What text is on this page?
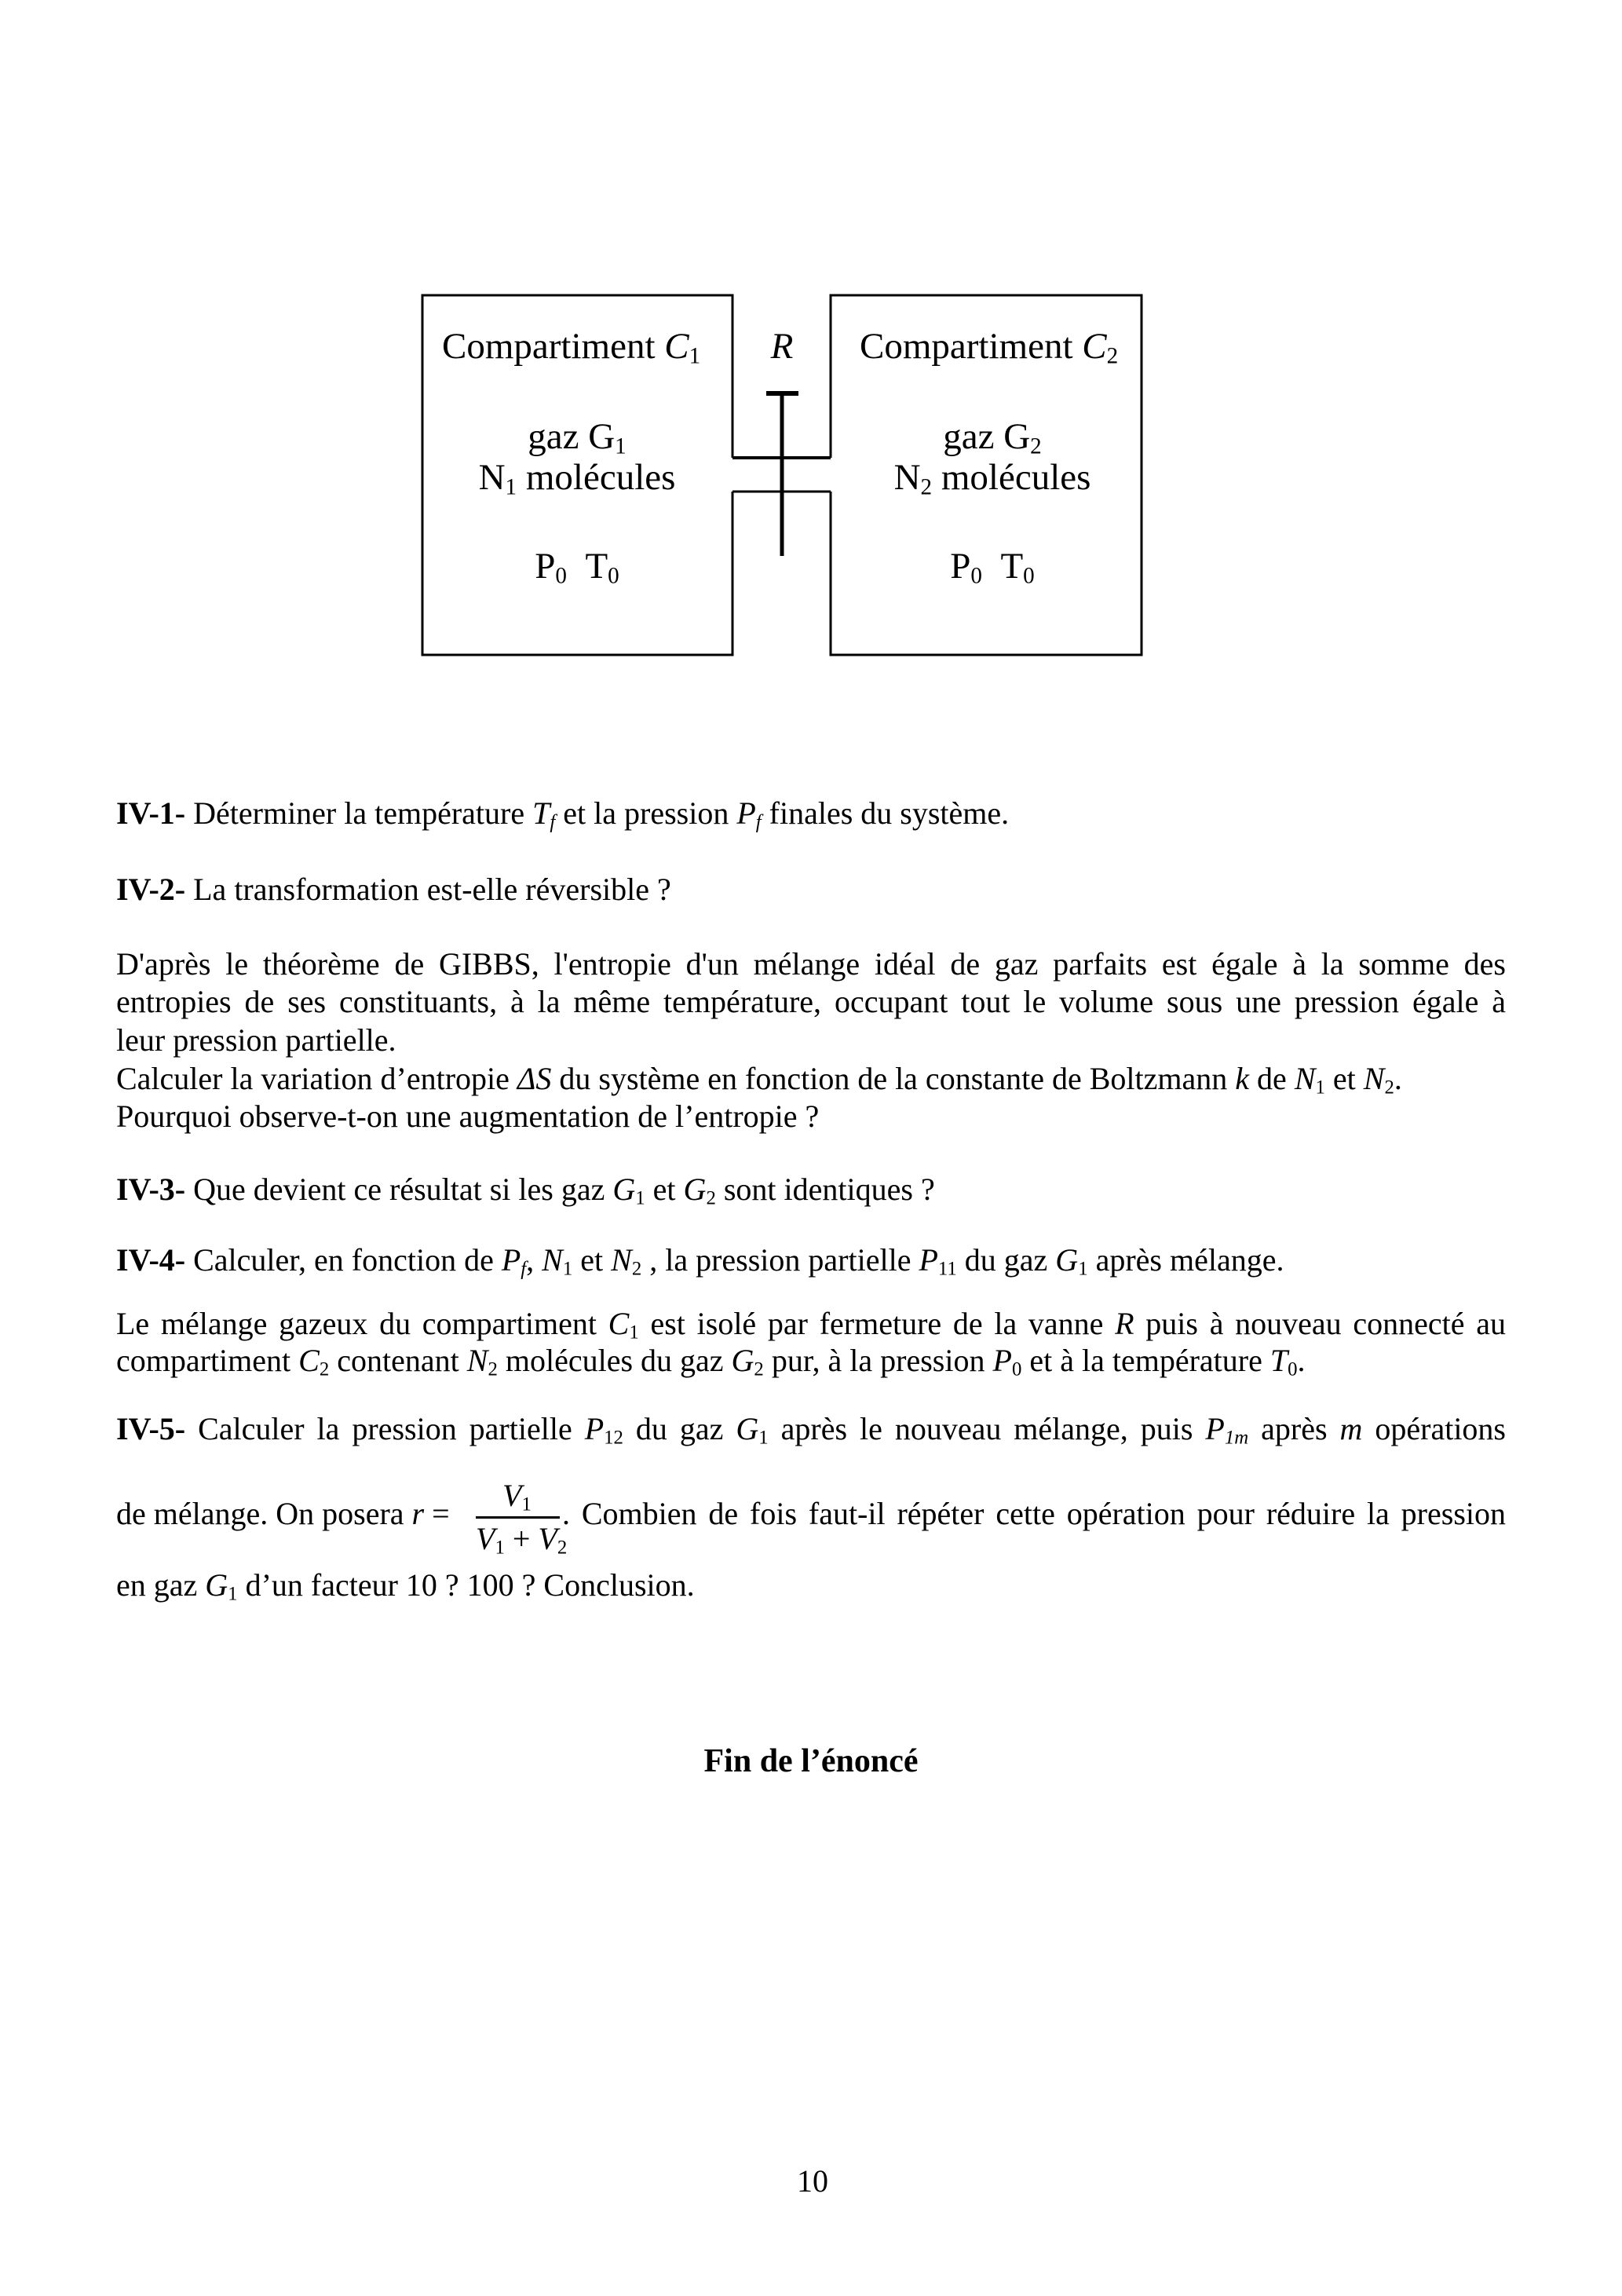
Compartiment $C_1$
gaz $G_1$
$N_1$ molécules
$P_0$ $T_0$
R Compartiment $C_2$
gaz $G_2$
$N_2$ molécules
$P_0$ $T_0$
IV-1- Déterminer la température $T_f$ et la pression $P_f$ finales du système.
IV-2- La transformation est-elle réversible ?
D'après le théorème de GIBBS, l'entropie d'un mélange idéal de gaz parfaits est égale à la somme des
entropies de ses constituants, à la même température, occupant tout le volume sous une pression égale à
leur pression partielle.
Calculer la variation d’entropie ΔS du système en fonction de la constante de Boltzmann k de $N_1$ et $N_2$.
Pourquoi observe-t-on une augmentation de l’entropie ?
IV-3- Que devient ce résultat si les gaz $G_1$ et $G_2$ sont identiques ?
IV-4- Calculer, en fonction de $P_f$, $N_1$ et $N_2$ , la pression partielle $P_{11}$ du gaz $G_1$ après mélange.
Le mélange gazeux du compartiment $C_1$ est isolé par fermeture de la vanne R puis à nouveau connecté au
compartiment $C_2$ contenant $N_2$ molécules du gaz $G_2$ pur, à la pression $P_0$ et à la température $T_0$.
IV-5- Calculer la pression partielle $P_{12}$ du gaz $G_1$ après le nouveau mélange, puis $P_{1m}$ après m opérations
de mélange. On posera r =
$V_1$
$V_1 + V_2$
. Combien de fois faut-il répéter cette opération pour réduire la pression
en gaz $G_1$ d’un facteur 10 ? 100 ? Conclusion.
Fin de l’énoncé
10
